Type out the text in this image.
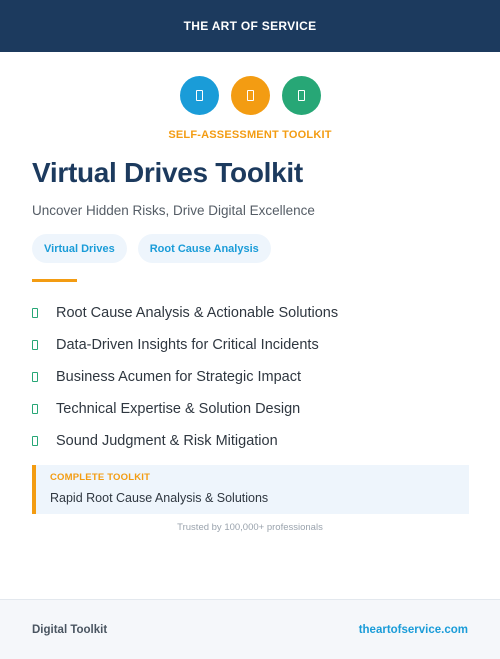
THE ART OF SERVICE
SELF-ASSESSMENT TOOLKIT
Virtual Drives Toolkit
Uncover Hidden Risks, Drive Digital Excellence
Virtual Drives	Root Cause Analysis
Root Cause Analysis & Actionable Solutions
Data-Driven Insights for Critical Incidents
Business Acumen for Strategic Impact
Technical Expertise & Solution Design
Sound Judgment & Risk Mitigation
COMPLETE TOOLKIT
Rapid Root Cause Analysis & Solutions
Trusted by 100,000+ professionals
Digital Toolkit	theartofservice.com
